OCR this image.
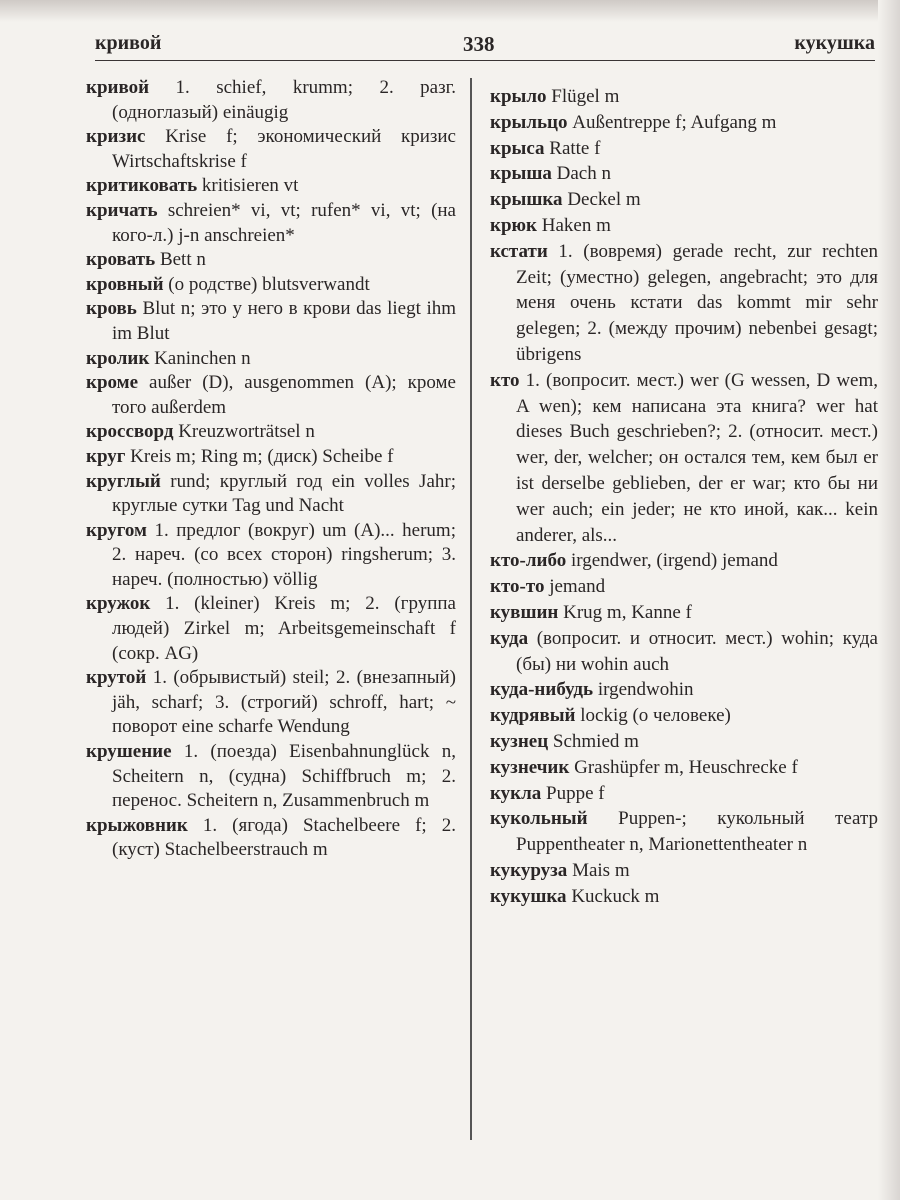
кривой	338	кукушка
кривой 1. schief, krumm; 2. разг. (одноглазый) einäugig
кризис Krise f; экономический кризис Wirtschaftskrise f
критиковать kritisieren vt
кричать schreien* vi, vt; rufen* vi, vt; (на кого-л.) j-n anschreien*
кровать Bett n
кровный (о родстве) blutsverwandt
кровь Blut n; это у него в крови das liegt ihm im Blut
кролик Kaninchen n
кроме außer (D), ausgenommen (A); кроме того außerdem
кроссворд Kreuzworträtsel n
круг Kreis m; Ring m; (диск) Scheibe f
круглый rund; круглый год ein volles Jahr; круглые сутки Tag und Nacht
кругом 1. предлог (вокруг) um (A)... herum; 2. нареч. (со всех сторон) ringsherum; 3. нареч. (полностью) völlig
кружок 1. (kleiner) Kreis m; 2. (группа людей) Zirkel m; Arbeitsgemeinschaft f (сокр. AG)
крутой 1. (обрывистый) steil; 2. (внезапный) jäh, scharf; 3. (строгий) schroff, hart; ~ поворот eine scharfe Wendung
крушение 1. (поезда) Eisenbahnunglück n, Scheitern n, (судна) Schiffbruch m; 2. перенос. Scheitern n, Zusammenbruch m
крыжовник 1. (ягода) Stachelbeere f; 2. (куст) Stachelbeerstrauch m
крыло Flügel m
крыльцо Außentreppe f; Aufgang m
крыса Ratte f
крыша Dach n
крышка Deckel m
крюк Haken m
кстати 1. (вовремя) gerade recht, zur rechten Zeit; (уместно) gelegen, angebracht; это для меня очень кстати das kommt mir sehr gelegen; 2. (между прочим) nebenbei gesagt; übrigens
кто 1. (вопросит. мест.) wer (G wessen, D wem, A wen); кем написана эта книга? wer hat dieses Buch geschrieben?; 2. (относит. мест.) wer, der, welcher; он остался тем, кем был er ist derselbe geblieben, der er war; кто бы ни wer auch; ein jeder; не кто иной, как... kein anderer, als...
кто-либо irgendwer, (irgend) jemand
кто-то jemand
кувшин Krug m, Kanne f
куда (вопросит. и относит. мест.) wohin; куда (бы) ни wohin auch
куда-нибудь irgendwohin
кудрявый lockig (о человеке)
кузнец Schmied m
кузнечик Grashüpfer m, Heuschrecke f
кукла Puppe f
кукольный Puppen-; кукольный театр Puppentheater n, Marionettentheater n
кукуруза Mais m
кукушка Kuckuck m
